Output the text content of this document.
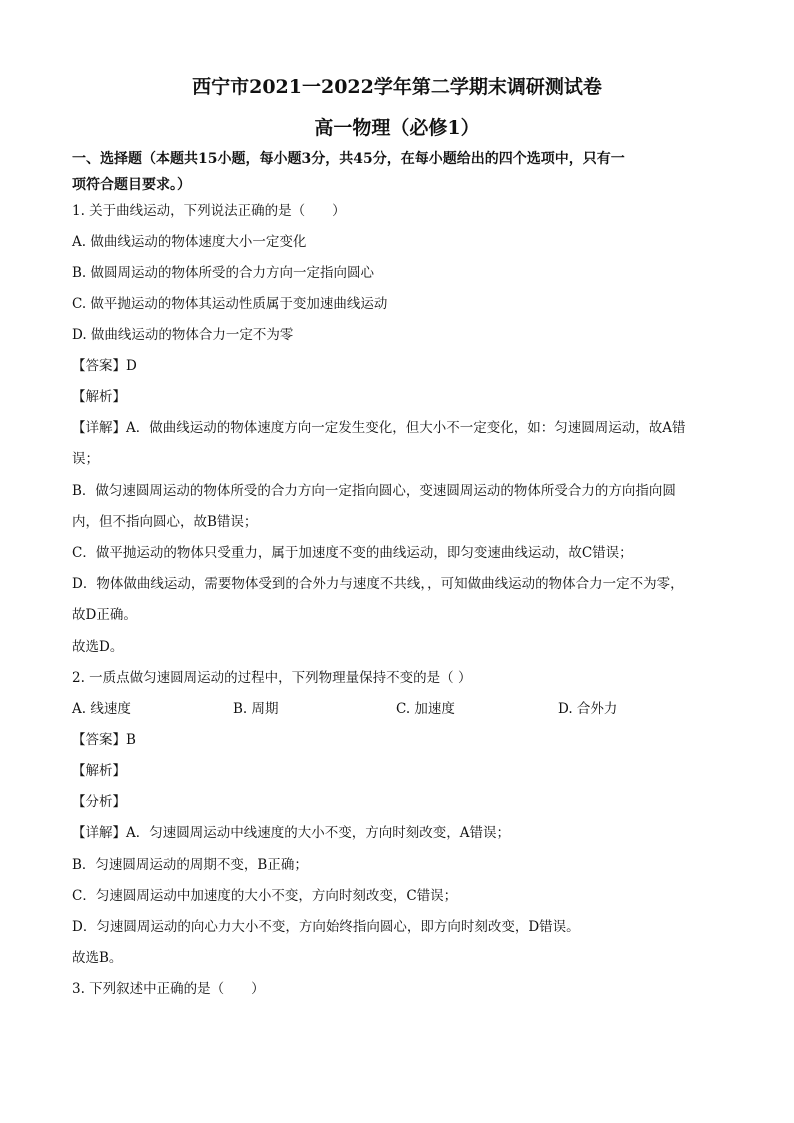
西宁市2021一2022学年第二学期末调研测试卷
高一物理（必修1）
一、选择题（本题共15小题，每小题3分，共45分，在每小题给出的四个选项中，只有一
项符合题目要求。）
1. 关于曲线运动，下列说法正确的是（　　）
A. 做曲线运动的物体速度大小一定变化
B. 做圆周运动的物体所受的合力方向一定指向圆心
C. 做平抛运动的物体其运动性质属于变加速曲线运动
D. 做曲线运动的物体合力一定不为零
【答案】D
【解析】
【详解】A．做曲线运动的物体速度方向一定发生变化，但大小不一定变化，如：匀速圆周运动，故A错
误；
B．做匀速圆周运动的物体所受的合力方向一定指向圆心，变速圆周运动的物体所受合力的方向指向圆
内，但不指向圆心，故B错误；
C．做平抛运动的物体只受重力，属于加速度不变的曲线运动，即匀变速曲线运动，故C错误；
D．物体做曲线运动，需要物体受到的合外力与速度不共线，，可知做曲线运动的物体合力一定不为零，
故D正确。
故选D。
2. 一质点做匀速圆周运动的过程中，下列物理量保持不变的是（ ）
A. 线速度	B. 周期	C. 加速度	D. 合外力
【答案】B
【解析】
【分析】
【详解】A．匀速圆周运动中线速度的大小不变，方向时刻改变，A错误；
B．匀速圆周运动的周期不变，B正确；
C．匀速圆周运动中加速度的大小不变，方向时刻改变，C错误；
D．匀速圆周运动的向心力大小不变，方向始终指向圆心，即方向时刻改变，D错误。
故选B。
3. 下列叙述中正确的是（　　）
